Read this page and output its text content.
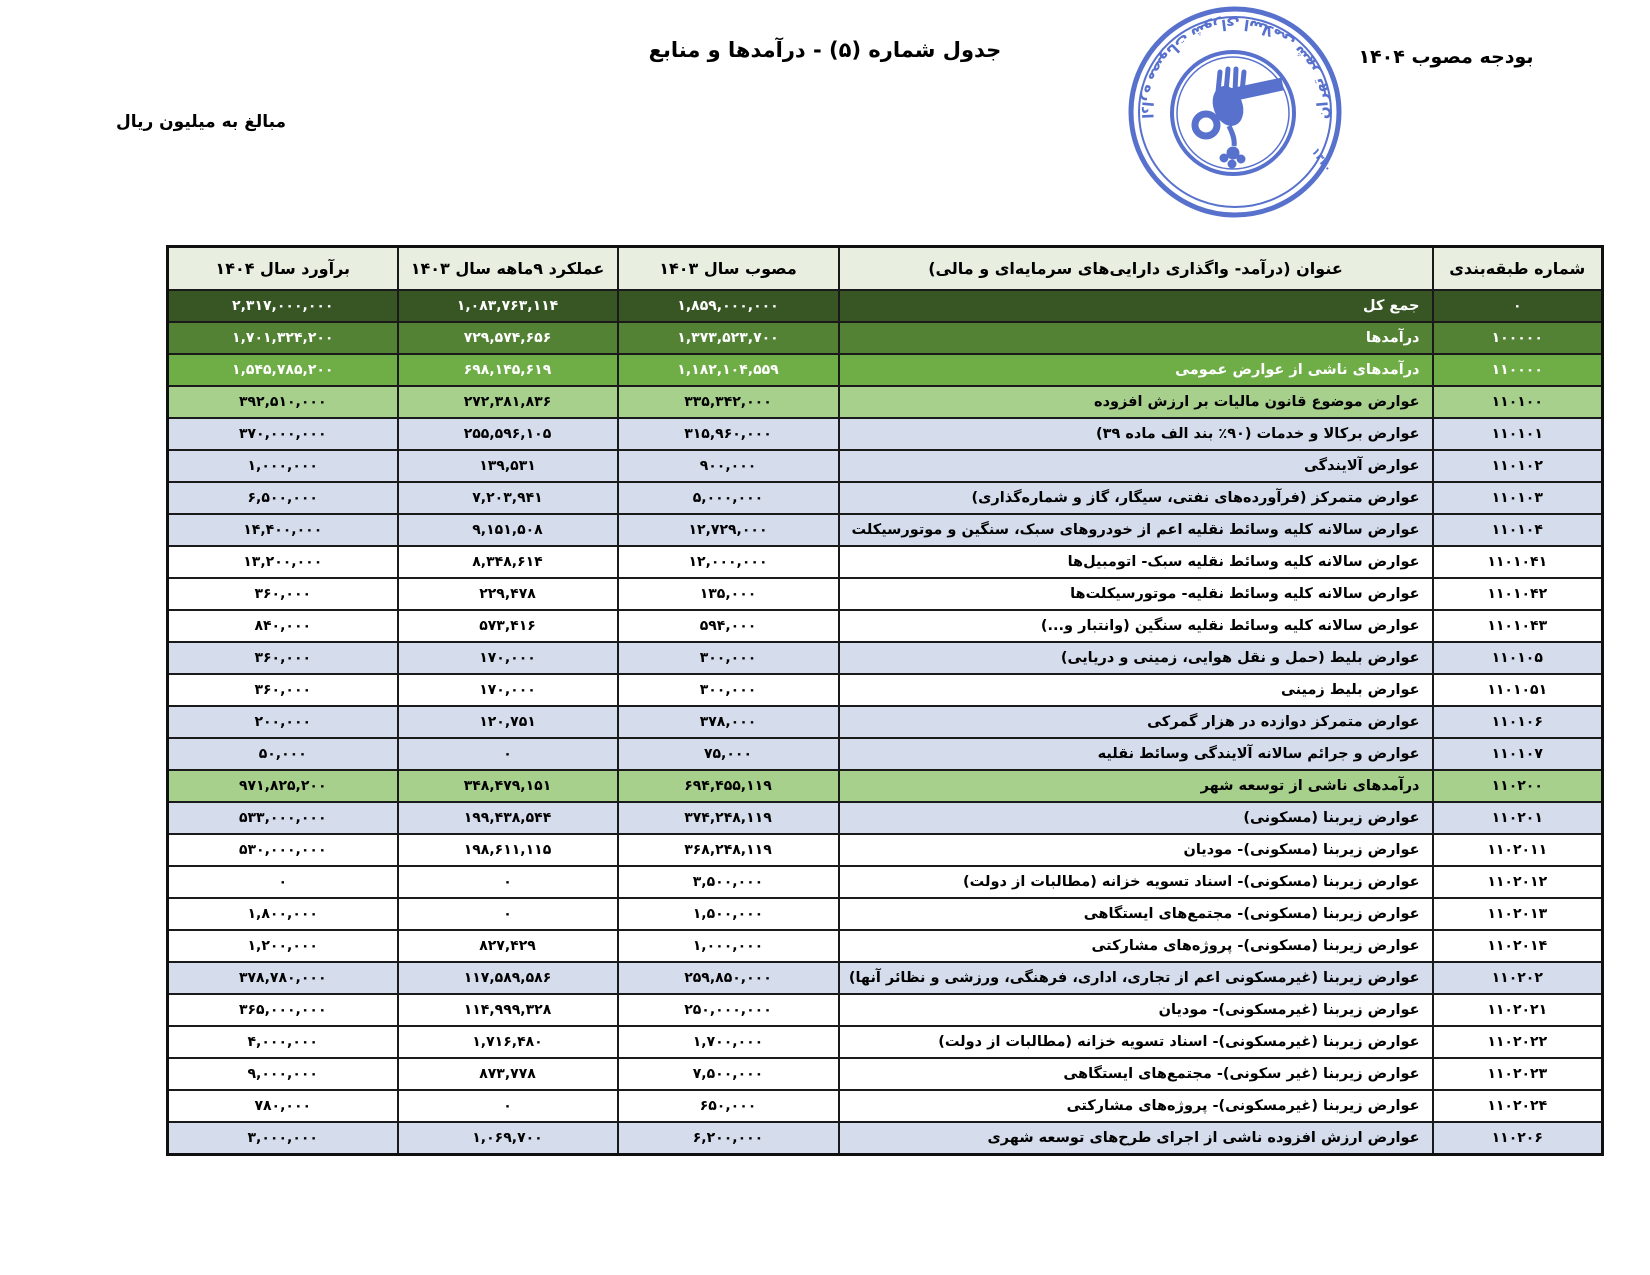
مبالغ به میلیون ریال
جدول شماره (۵) - درآمدها و منابع	بودجه مصوب ۱۴۰۴
اداره مصوبات شورای اسلامی شهر تهران
۱۳۲۰
شماره طبقه‌بندی	عنوان (درآمد- واگذاری دارایی‌های سرمایه‌ای و مالی)	مصوب سال ۱۴۰۳	عملکرد ۹ماهه سال ۱۴۰۳	برآورد سال ۱۴۰۴
۰	جمع کل	۱,۸۵۹,۰۰۰,۰۰۰	۱,۰۸۳,۷۶۳,۱۱۴	۲,۳۱۷,۰۰۰,۰۰۰
۱۰۰۰۰۰	درآمدها	۱,۳۷۳,۵۲۳,۷۰۰	۷۲۹,۵۷۴,۶۵۶	۱,۷۰۱,۳۲۴,۲۰۰
۱۱۰۰۰۰	درآمدهای ناشی از عوارض عمومی	۱,۱۸۲,۱۰۴,۵۵۹	۶۹۸,۱۴۵,۶۱۹	۱,۵۴۵,۷۸۵,۲۰۰
۱۱۰۱۰۰	عوارض موضوع قانون مالیات بر ارزش افزوده	۳۳۵,۳۴۲,۰۰۰	۲۷۲,۳۸۱,۸۳۶	۳۹۲,۵۱۰,۰۰۰
۱۱۰۱۰۱	عوارض برکالا و خدمات (۹۰٪ بند الف ماده ۳۹)	۳۱۵,۹۶۰,۰۰۰	۲۵۵,۵۹۶,۱۰۵	۳۷۰,۰۰۰,۰۰۰
۱۱۰۱۰۲	عوارض آلایندگی	۹۰۰,۰۰۰	۱۳۹,۵۳۱	۱,۰۰۰,۰۰۰
۱۱۰۱۰۳	عوارض متمرکز (فرآورده‌های نفتی، سیگار، گاز و شماره‌گذاری)	۵,۰۰۰,۰۰۰	۷,۲۰۳,۹۴۱	۶,۵۰۰,۰۰۰
۱۱۰۱۰۴	عوارض سالانه کلیه وسائط نقلیه اعم از خودروهای سبک، سنگین و موتورسیکلت	۱۲,۷۲۹,۰۰۰	۹,۱۵۱,۵۰۸	۱۴,۴۰۰,۰۰۰
۱۱۰۱۰۴۱	عوارض سالانه کلیه وسائط نقلیه سبک- اتومبیل‌ها	۱۲,۰۰۰,۰۰۰	۸,۳۴۸,۶۱۴	۱۳,۲۰۰,۰۰۰
۱۱۰۱۰۴۲	عوارض سالانه کلیه وسائط نقلیه- موتورسیکلت‌ها	۱۳۵,۰۰۰	۲۲۹,۴۷۸	۳۶۰,۰۰۰
۱۱۰۱۰۴۳	عوارض سالانه کلیه وسائط نقلیه سنگین (وانتبار و...)	۵۹۴,۰۰۰	۵۷۳,۴۱۶	۸۴۰,۰۰۰
۱۱۰۱۰۵	عوارض بلیط (حمل و نقل هوایی، زمینی و دریایی)	۳۰۰,۰۰۰	۱۷۰,۰۰۰	۳۶۰,۰۰۰
۱۱۰۱۰۵۱	عوارض بلیط زمینی	۳۰۰,۰۰۰	۱۷۰,۰۰۰	۳۶۰,۰۰۰
۱۱۰۱۰۶	عوارض متمرکز دوازده در هزار گمرکی	۳۷۸,۰۰۰	۱۲۰,۷۵۱	۲۰۰,۰۰۰
۱۱۰۱۰۷	عوارض و جرائم سالانه آلایندگی وسائط نقلیه	۷۵,۰۰۰	۰	۵۰,۰۰۰
۱۱۰۲۰۰	درآمدهای ناشی از توسعه شهر	۶۹۴,۴۵۵,۱۱۹	۳۴۸,۴۷۹,۱۵۱	۹۷۱,۸۲۵,۲۰۰
۱۱۰۲۰۱	عوارض زیربنا (مسکونی)	۳۷۴,۲۴۸,۱۱۹	۱۹۹,۴۳۸,۵۴۴	۵۳۳,۰۰۰,۰۰۰
۱۱۰۲۰۱۱	عوارض زیربنا (مسکونی)- مودیان	۳۶۸,۲۴۸,۱۱۹	۱۹۸,۶۱۱,۱۱۵	۵۳۰,۰۰۰,۰۰۰
۱۱۰۲۰۱۲	عوارض زیربنا (مسکونی)- اسناد تسویه خزانه (مطالبات از دولت)	۳,۵۰۰,۰۰۰	۰	۰
۱۱۰۲۰۱۳	عوارض زیربنا (مسکونی)- مجتمع‌های ایستگاهی	۱,۵۰۰,۰۰۰	۰	۱,۸۰۰,۰۰۰
۱۱۰۲۰۱۴	عوارض زیربنا (مسکونی)- پروژه‌های مشارکتی	۱,۰۰۰,۰۰۰	۸۲۷,۴۲۹	۱,۲۰۰,۰۰۰
۱۱۰۲۰۲	عوارض زیربنا (غیرمسکونی اعم از تجاری، اداری، فرهنگی، ورزشی و نظائر آنها)	۲۵۹,۸۵۰,۰۰۰	۱۱۷,۵۸۹,۵۸۶	۳۷۸,۷۸۰,۰۰۰
۱۱۰۲۰۲۱	عوارض زیربنا (غیرمسکونی)- مودیان	۲۵۰,۰۰۰,۰۰۰	۱۱۴,۹۹۹,۳۲۸	۳۶۵,۰۰۰,۰۰۰
۱۱۰۲۰۲۲	عوارض زیربنا (غیرمسکونی)- اسناد تسویه خزانه (مطالبات از دولت)	۱,۷۰۰,۰۰۰	۱,۷۱۶,۴۸۰	۴,۰۰۰,۰۰۰
۱۱۰۲۰۲۳	عوارض زیربنا (غیر سکونی)- مجتمع‌های ایستگاهی	۷,۵۰۰,۰۰۰	۸۷۳,۷۷۸	۹,۰۰۰,۰۰۰
۱۱۰۲۰۲۴	عوارض زیربنا (غیرمسکونی)- پروژه‌های مشارکتی	۶۵۰,۰۰۰	۰	۷۸۰,۰۰۰
۱۱۰۲۰۶	عوارض ارزش افزوده ناشی از اجرای طرح‌های توسعه شهری	۶,۲۰۰,۰۰۰	۱,۰۶۹,۷۰۰	۳,۰۰۰,۰۰۰
